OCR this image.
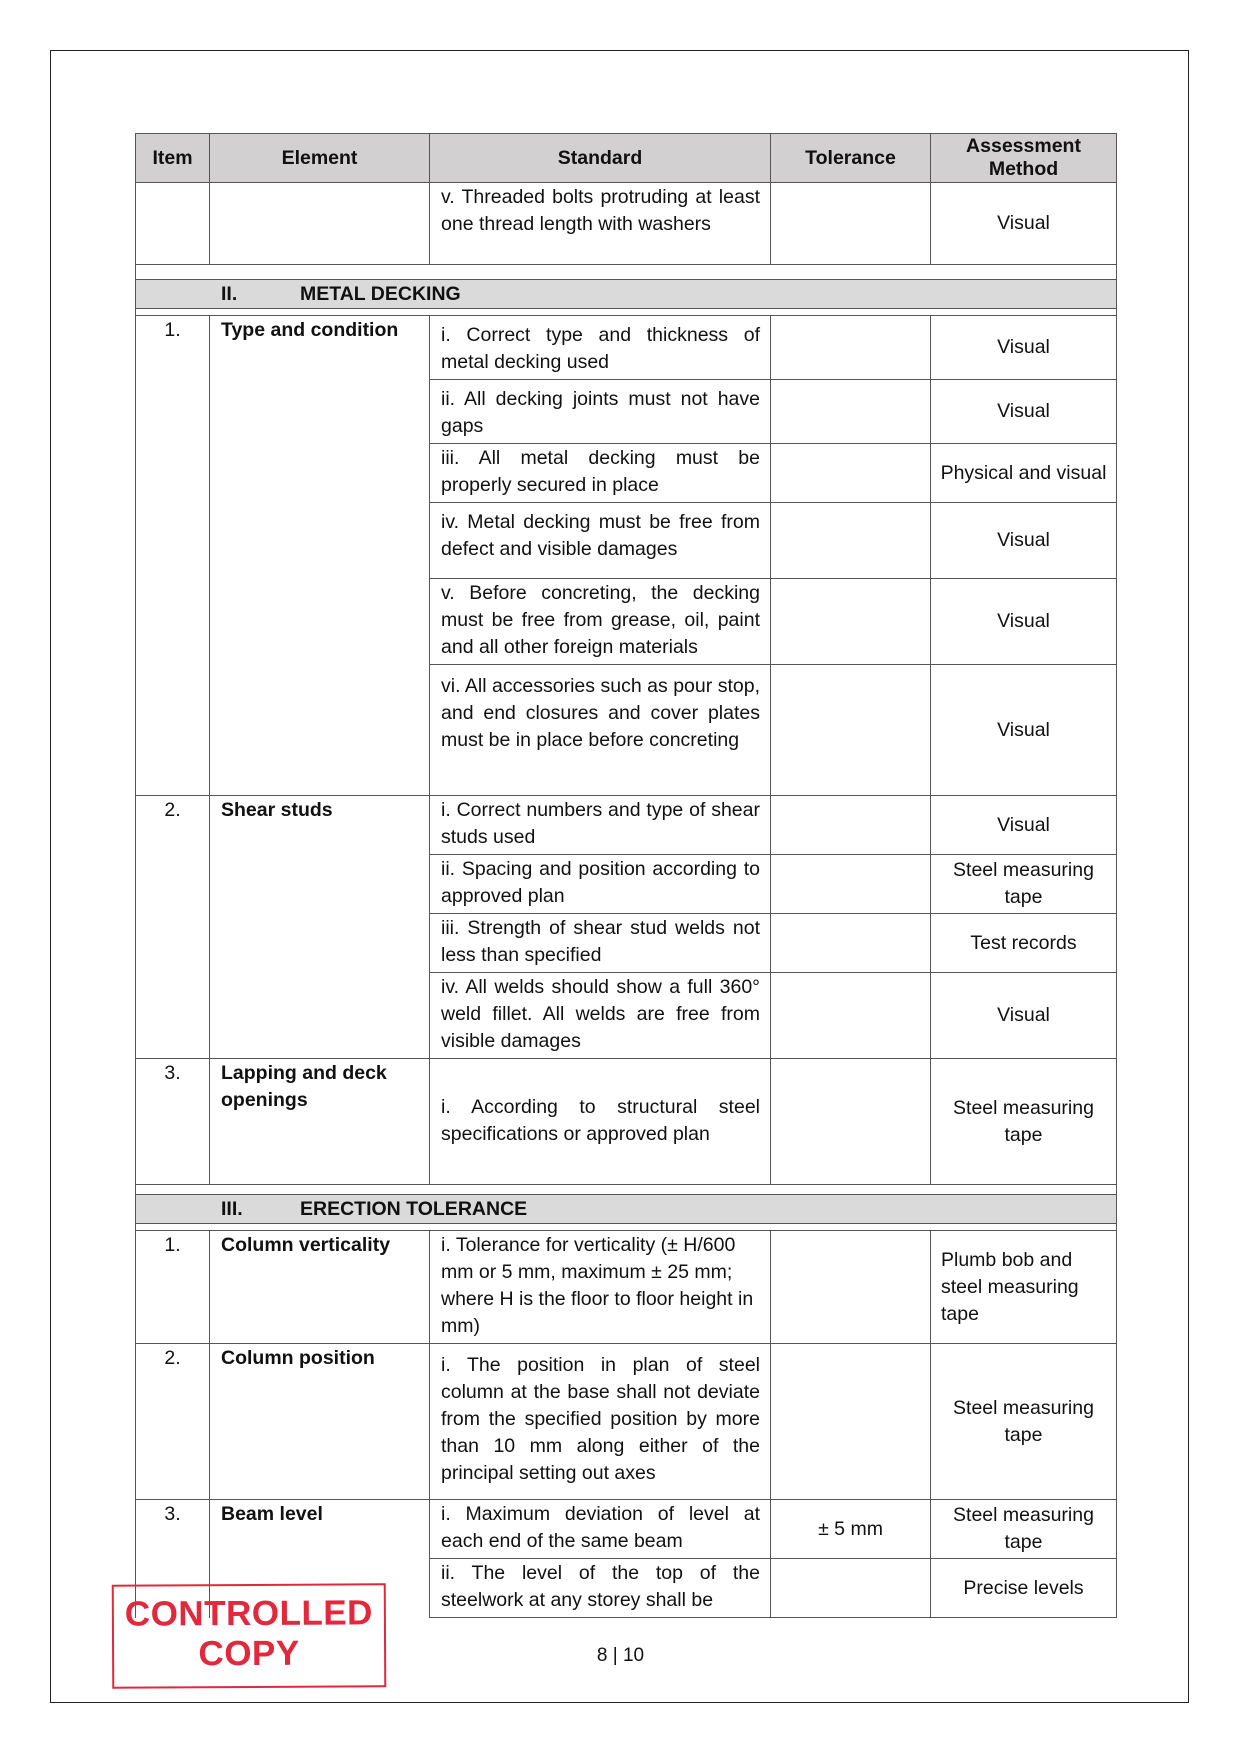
Item	Element	Standard	Tolerance	Assessment Method
		v. Threaded bolts protruding at least one thread length with washers		Visual

II. METAL DECKING				

1.	Type and condition	i. Correct type and thickness of metal decking used		Visual
		ii. All decking joints must not have gaps		Visual
		iii. All metal decking must be properly secured in place		Physical and visual
		iv. Metal decking must be free from defect and visible damages		Visual
		v. Before concreting, the decking must be free from grease, oil, paint and all other foreign materials		Visual
		vi. All accessories such as pour stop, and end closures and cover plates must be in place before concreting		Visual
2.	Shear studs	i. Correct numbers and type of shear studs used		Visual
		ii. Spacing and position according to approved plan		Steel measuring tape
		iii. Strength of shear stud welds not less than specified		Test records
		iv. All welds should show a full 360° weld fillet. All welds are free from visible damages		Visual
3.	Lapping and deck openings	i. According to structural steel specifications or approved plan		Steel measuring tape

III. ERECTION TOLERANCE				

1.	Column verticality	i. Tolerance for verticality (± H/600 mm or 5 mm, maximum ± 25 mm; where H is the floor to floor height in mm)		Plumb bob and steel measuring tape
2.	Column position	i. The position in plan of steel column at the base shall not deviate from the specified position by more than 10 mm along either of the principal setting out axes		Steel measuring tape
3.	Beam level	i. Maximum deviation of level at each end of the same beam	± 5 mm	Steel measuring tape
		ii. The level of the top of the steelwork at any storey shall be		Precise levels
CONTROLLED
COPY	8 | 10
